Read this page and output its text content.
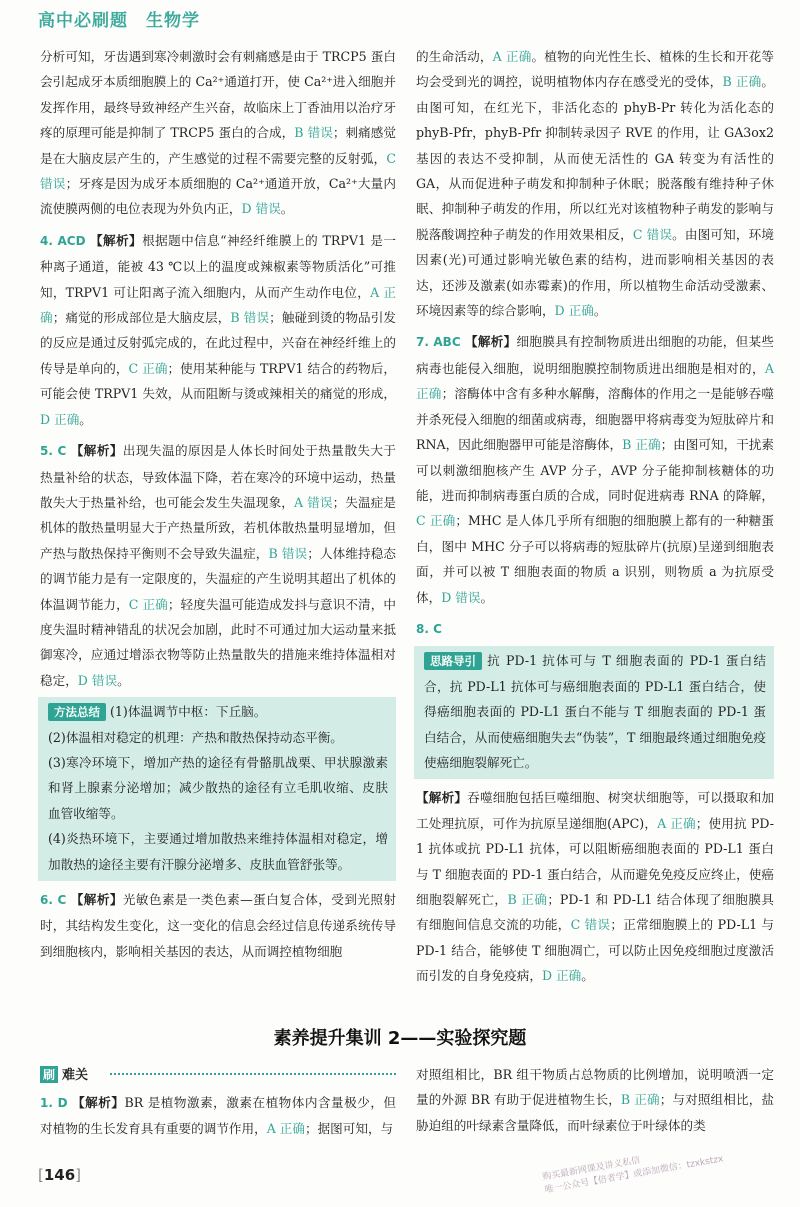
高中必刷题　生物学

分析可知，牙齿遇到寒冷刺激时会有刺痛感是由于 TRCP5 蛋白会引起成牙本质细胞膜上的 Ca²⁺通道打开，使 Ca²⁺进入细胞并发挥作用，最终导致神经产生兴奋，故临床上丁香油用以治疗牙疼的原理可能是抑制了 TRCP5 蛋白的合成，B 错误；刺痛感觉是在大脑皮层产生的，产生感觉的过程不需要完整的反射弧，C 错误；牙疼是因为成牙本质细胞的 Ca²⁺通道开放，Ca²⁺大量内流使膜两侧的电位表现为外负内正，D 错误。

4. ACD 【解析】根据题中信息“神经纤维膜上的 TRPV1 是一种离子通道，能被 43 ℃以上的温度或辣椒素等物质活化”可推知，TRPV1 可让阳离子流入细胞内，从而产生动作电位，A 正确；痛觉的形成部位是大脑皮层，B 错误；触碰到烫的物品引发的反应是通过反射弧完成的，在此过程中，兴奋在神经纤维上的传导是单向的，C 正确；使用某种能与 TRPV1 结合的药物后，可能会使 TRPV1 失效，从而阻断与烫或辣相关的痛觉的形成，D 正确。

5. C 【解析】出现失温的原因是人体长时间处于热量散失大于热量补给的状态，导致体温下降，若在寒冷的环境中运动，热量散失大于热量补给，也可能会发生失温现象，A 错误；失温症是机体的散热量明显大于产热量所致，若机体散热量明显增加，但产热与散热保持平衡则不会导致失温症，B 错误；人体维持稳态的调节能力是有一定限度的，失温症的产生说明其超出了机体的体温调节能力，C 正确；轻度失温可能造成发抖与意识不清，中度失温时精神错乱的状况会加剧，此时不可通过加大运动量来抵御寒冷，应通过增添衣物等防止热量散失的措施来维持体温相对稳定，D 错误。

方法总结 (1)体温调节中枢：下丘脑。
(2)体温相对稳定的机理：产热和散热保持动态平衡。
(3)寒冷环境下，增加产热的途径有骨骼肌战栗、甲状腺激素和肾上腺素分泌增加；减少散热的途径有立毛肌收缩、皮肤血管收缩等。
(4)炎热环境下，主要通过增加散热来维持体温相对稳定，增加散热的途径主要有汗腺分泌增多、皮肤血管舒张等。

6. C 【解析】光敏色素是一类色素—蛋白复合体，受到光照射时，其结构发生变化，这一变化的信息会经过信息传递系统传导到细胞核内，影响相关基因的表达，从而调控植物细胞

的生命活动，A 正确。植物的向光性生长、植株的生长和开花等均会受到光的调控，说明植物体内存在感受光的受体，B 正确。由图可知，在红光下，非活化态的 phyB-Pr 转化为活化态的 phyB-Pfr，phyB-Pfr 抑制转录因子 RVE 的作用，让 GA3ox2 基因的表达不受抑制，从而使无活性的 GA 转变为有活性的 GA，从而促进种子萌发和抑制种子休眠；脱落酸有维持种子休眠、抑制种子萌发的作用，所以红光对该植物种子萌发的影响与脱落酸调控种子萌发的作用效果相反，C 错误。由图可知，环境因素(光)可通过影响光敏色素的结构，进而影响相关基因的表达，还涉及激素(如赤霉素)的作用，所以植物生命活动受激素、环境因素等的综合影响，D 正确。

7. ABC 【解析】细胞膜具有控制物质进出细胞的功能，但某些病毒也能侵入细胞，说明细胞膜控制物质进出细胞是相对的，A 正确；溶酶体中含有多种水解酶，溶酶体的作用之一是能够吞噬并杀死侵入细胞的细菌或病毒，细胞器甲将病毒变为短肽碎片和 RNA，因此细胞器甲可能是溶酶体，B 正确；由图可知，干扰素可以刺激细胞核产生 AVP 分子，AVP 分子能抑制核糖体的功能，进而抑制病毒蛋白质的合成，同时促进病毒 RNA 的降解，C 正确；MHC 是人体几乎所有细胞的细胞膜上都有的一种糖蛋白，图中 MHC 分子可以将病毒的短肽碎片(抗原)呈递到细胞表面，并可以被 T 细胞表面的物质 a 识别，则物质 a 为抗原受体，D 错误。

8. C

思路导引 抗 PD-1 抗体可与 T 细胞表面的 PD-1 蛋白结合，抗 PD-L1 抗体可与癌细胞表面的 PD-L1 蛋白结合，使得癌细胞表面的 PD-L1 蛋白不能与 T 细胞表面的 PD-1 蛋白结合，从而使癌细胞失去“伪装”，T 细胞最终通过细胞免疫使癌细胞裂解死亡。

【解析】吞噬细胞包括巨噬细胞、树突状细胞等，可以摄取和加工处理抗原，可作为抗原呈递细胞(APC)，A 正确；使用抗 PD-1 抗体或抗 PD-L1 抗体，可以阻断癌细胞表面的 PD-L1 蛋白与 T 细胞表面的 PD-1 蛋白结合，从而避免免疫反应终止，使癌细胞裂解死亡，B 正确；PD-1 和 PD-L1 结合体现了细胞膜具有细胞间信息交流的功能，C 错误；正常细胞膜上的 PD-L1 与 PD-1 结合，能够使 T 细胞凋亡，可以防止因免疫细胞过度激活而引发的自身免疫病，D 正确。

素养提升集训 2——实验探究题
刷 难关

1. D 【解析】BR 是植物激素，激素在植物体内含量极少，但对植物的生长发育具有重要的调节作用，A 正确；据图可知，与

对照组相比，BR 组干物质占总物质的比例增加，说明喷洒一定量的外源 BR 有助于促进植物生长，B 正确；与对照组相比，盐胁迫组的叶绿素含量降低，而叶绿素位于叶绿体的类

[146]	购买最新网课及讲义私信
唯一公众号【倍者学】或添加微信：tzxkstzx
